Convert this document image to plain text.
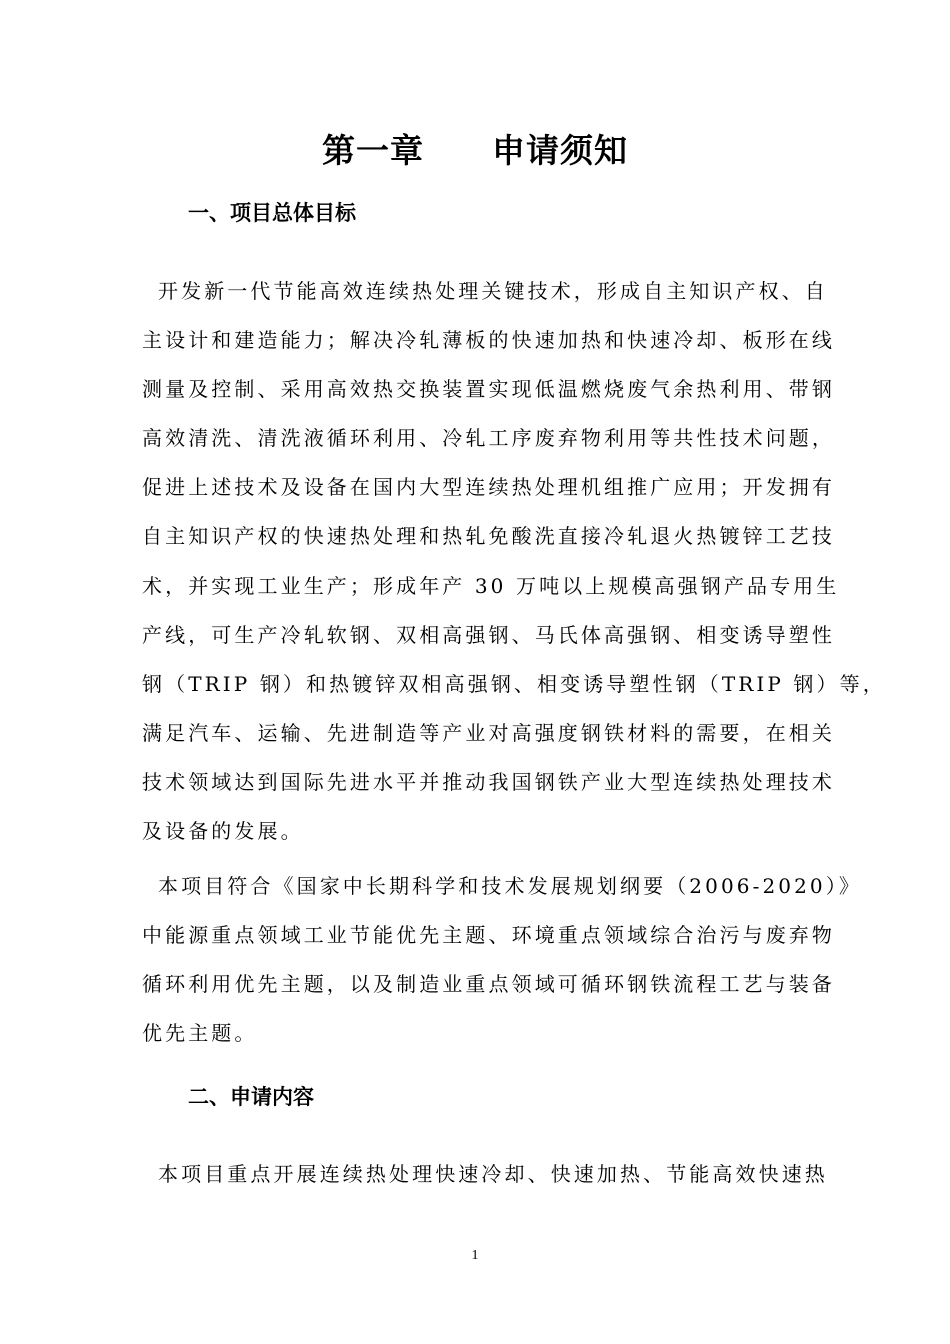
第一章　　申请须知
一、项目总体目标
开发新一代节能高效连续热处理关键技术，形成自主知识产权、自
主设计和建造能力；解决冷轧薄板的快速加热和快速冷却、板形在线
测量及控制、采用高效热交换装置实现低温燃烧废气余热利用、带钢
高效清洗、清洗液循环利用、冷轧工序废弃物利用等共性技术问题，
促进上述技术及设备在国内大型连续热处理机组推广应用；开发拥有
自主知识产权的快速热处理和热轧免酸洗直接冷轧退火热镀锌工艺技
术，并实现工业生产；形成年产 30 万吨以上规模高强钢产品专用生
产线，可生产冷轧软钢、双相高强钢、马氏体高强钢、相变诱导塑性
钢（TRIP 钢）和热镀锌双相高强钢、相变诱导塑性钢（TRIP 钢）等，
满足汽车、运输、先进制造等产业对高强度钢铁材料的需要，在相关
技术领域达到国际先进水平并推动我国钢铁产业大型连续热处理技术
及设备的发展。
本项目符合《国家中长期科学和技术发展规划纲要（2006-2020）》
中能源重点领域工业节能优先主题、环境重点领域综合治污与废弃物
循环利用优先主题，以及制造业重点领域可循环钢铁流程工艺与装备
优先主题。
二、申请内容
本项目重点开展连续热处理快速冷却、快速加热、节能高效快速热
1
